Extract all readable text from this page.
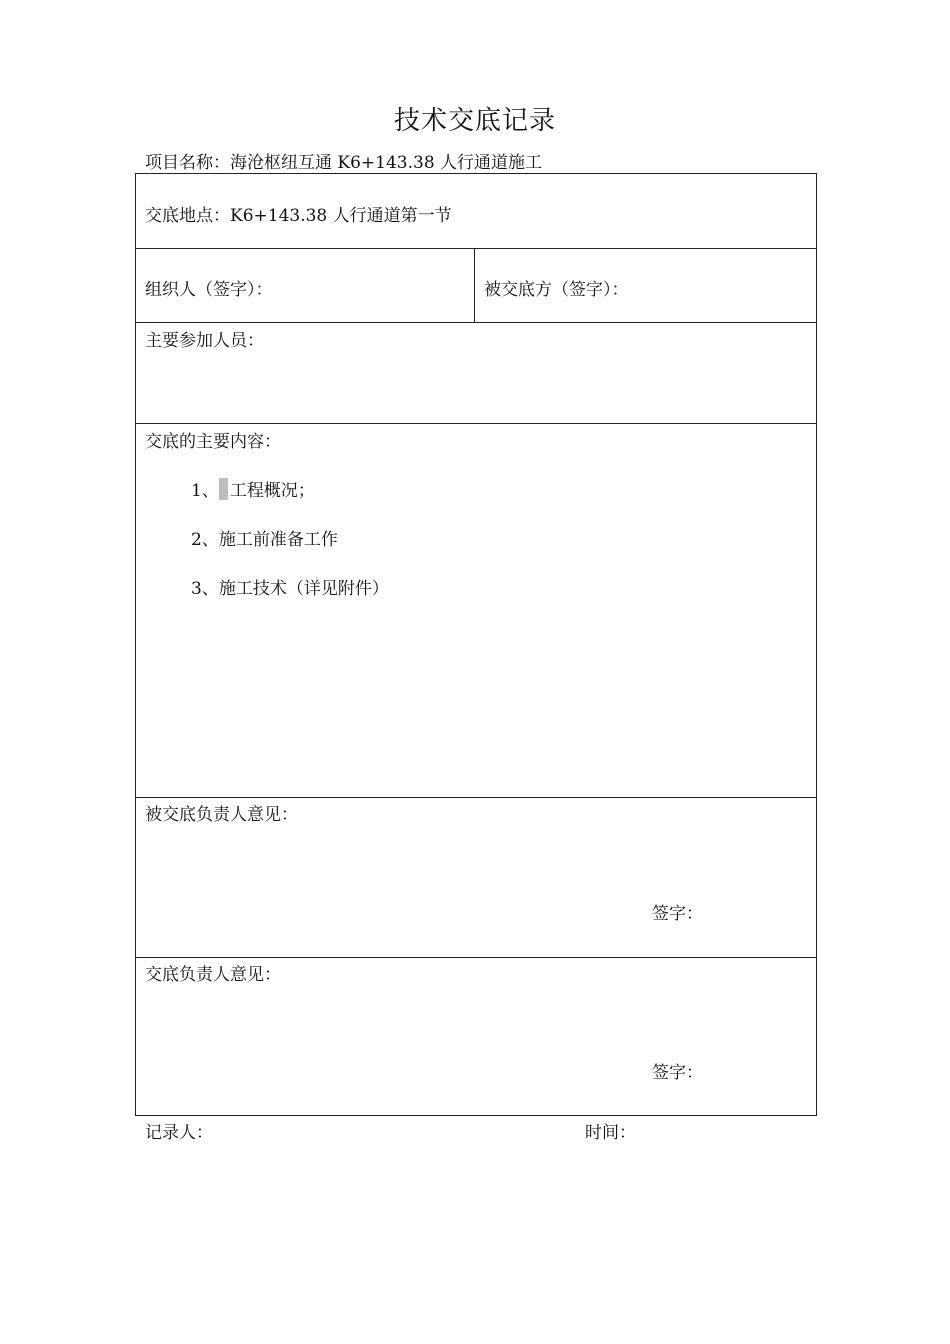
技术交底记录
项目名称：海沧枢纽互通 K6+143.38 人行通道施工
交底地点：K6+143.38 人行通道第一节
组织人（签字）：	被交底方（签字）：
主要参加人员：
交底的主要内容：
1、 工程概况；
2、施工前准备工作
3、施工技术（详见附件）
被交底负责人意见：
签字：
交底负责人意见：
签字：
记录人：	时间：
